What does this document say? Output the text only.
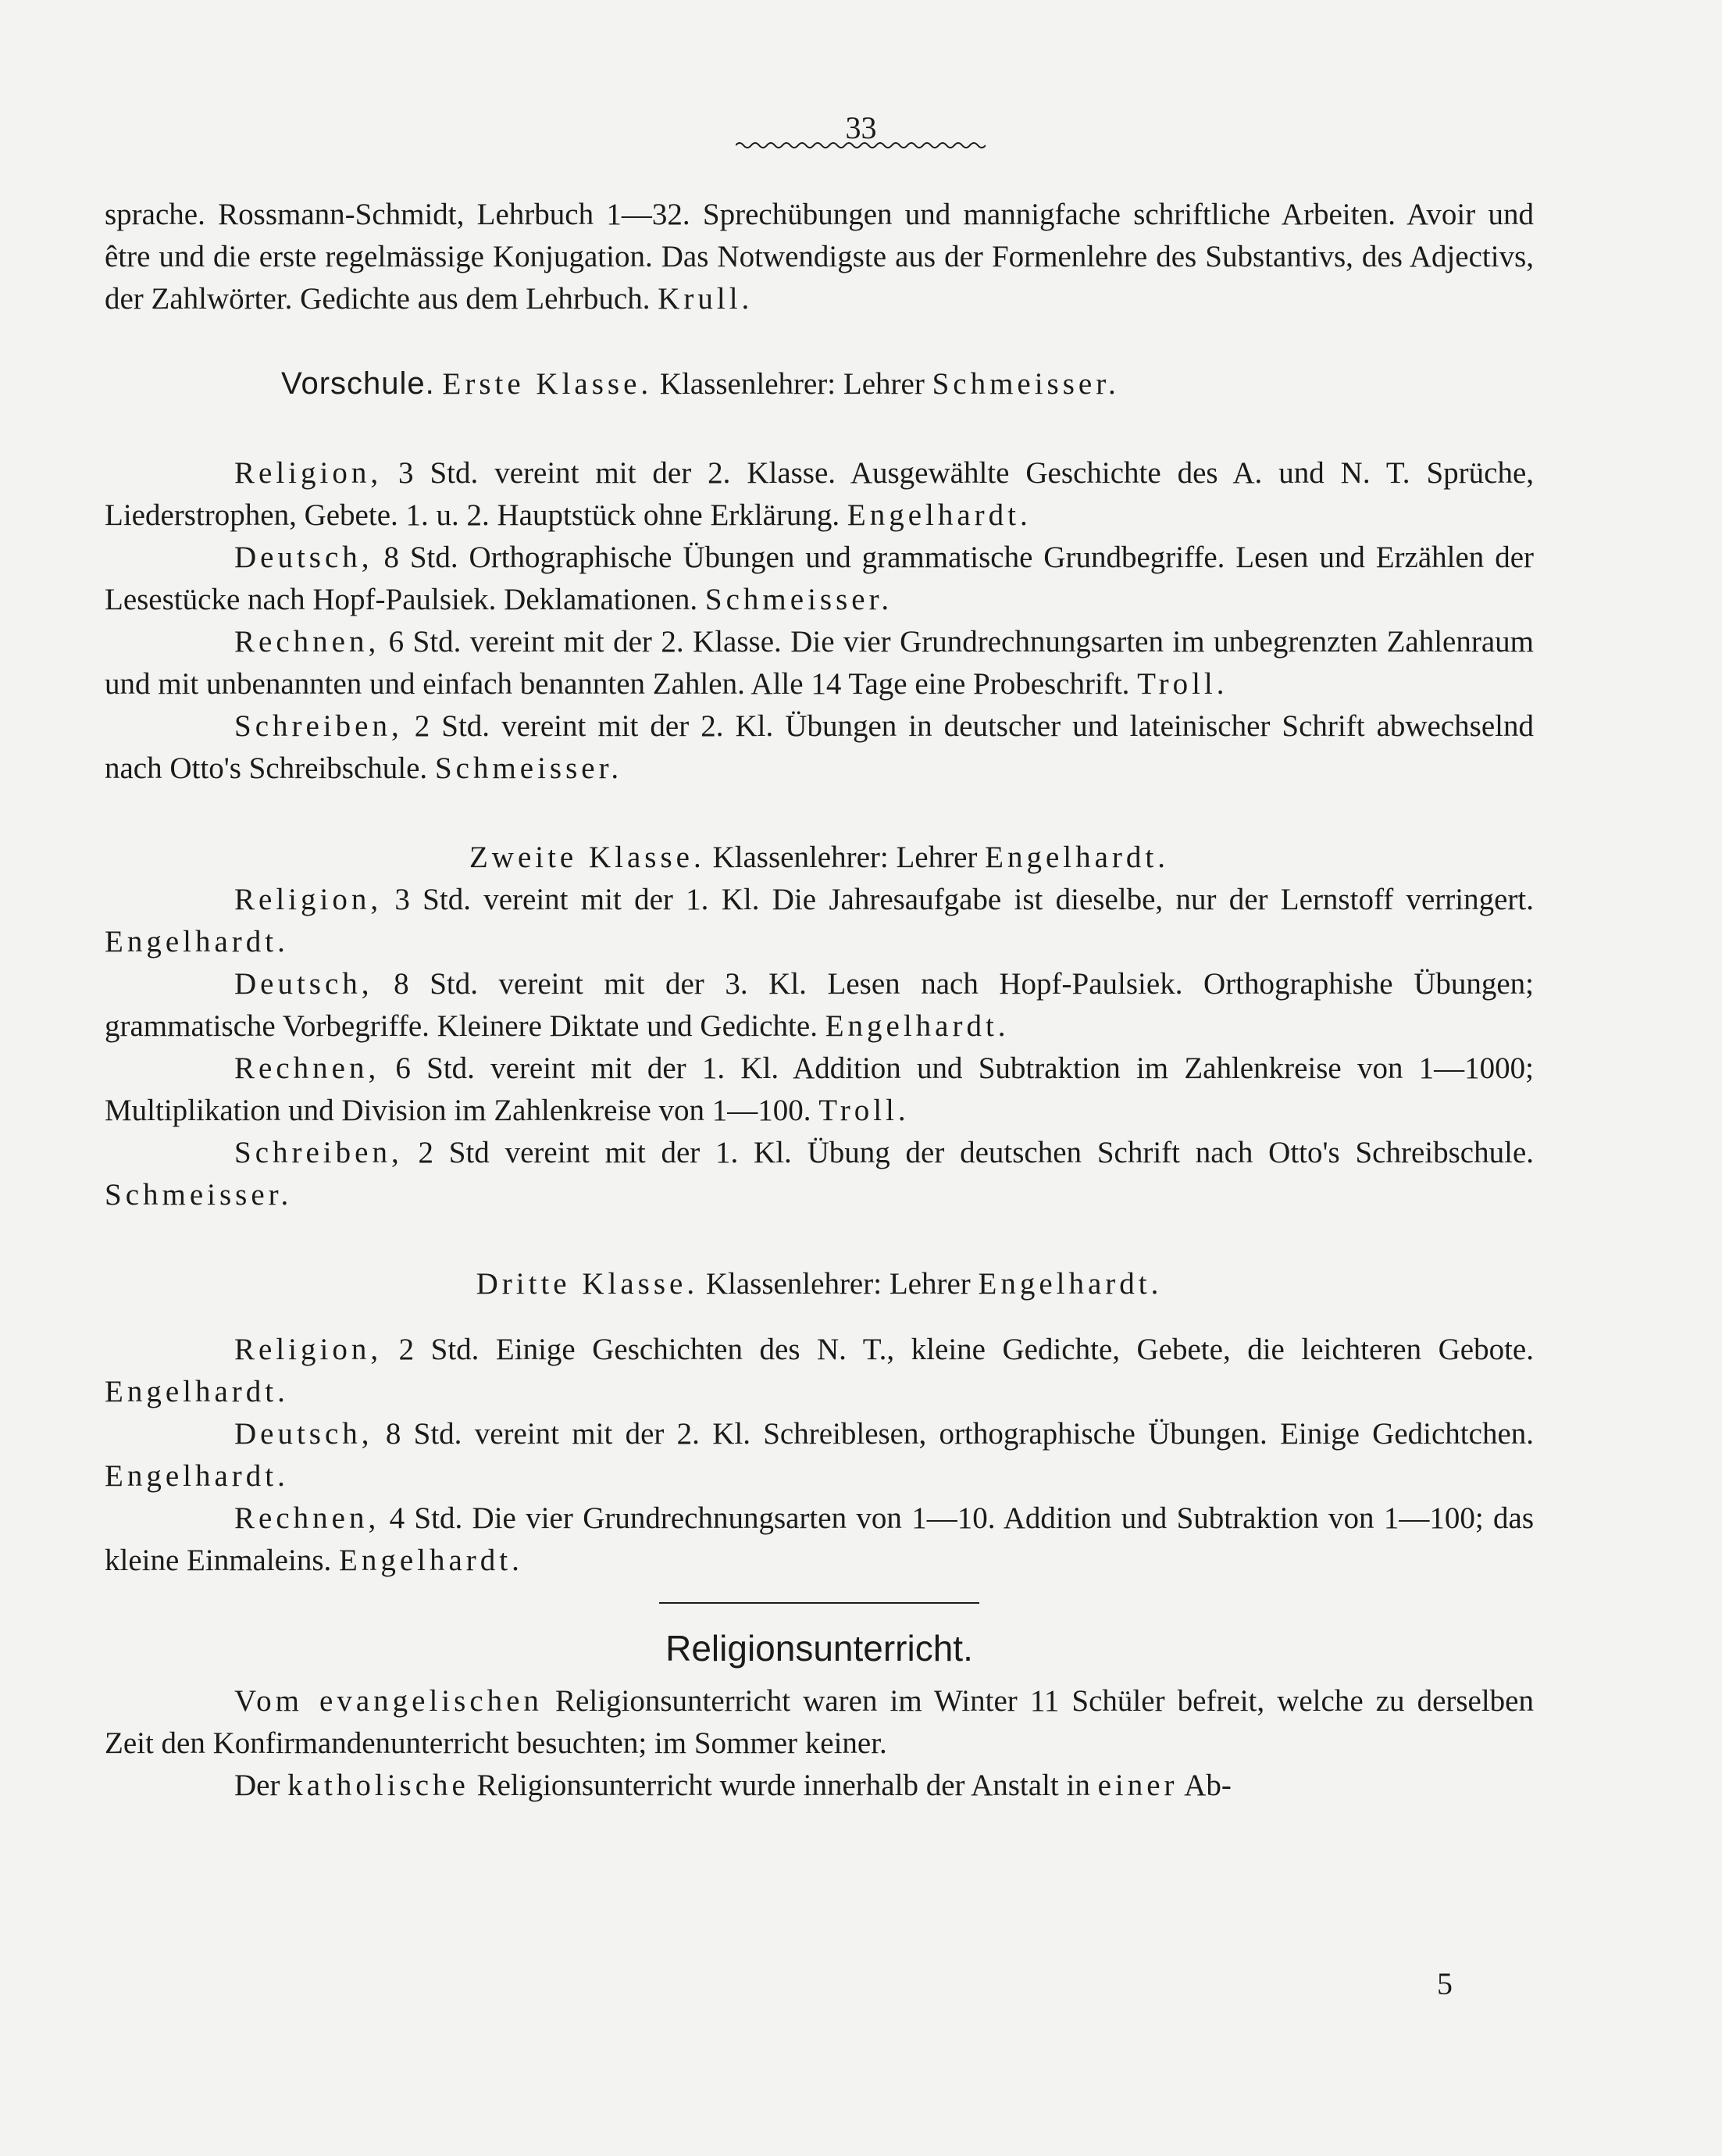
33

sprache. Rossmann-Schmidt, Lehrbuch 1—32. Sprechübungen und mannigfache schriftliche Arbeiten. Avoir und être und die erste regelmässige Konjugation. Das Notwendigste aus der Formenlehre des Substantivs, des Adjectivs, der Zahlwörter. Gedichte aus dem Lehrbuch. Krull.

Vorschule. Erste Klasse. Klassenlehrer: Lehrer Schmeisser.

Religion, 3 Std. vereint mit der 2. Klasse. Ausgewählte Geschichte des A. und N. T. Sprüche, Liederstrophen, Gebete. 1. u. 2. Hauptstück ohne Erklärung. Engelhardt.

Deutsch, 8 Std. Orthographische Übungen und grammatische Grundbegriffe. Lesen und Erzählen der Lesestücke nach Hopf-Paulsiek. Deklamationen. Schmeisser.

Rechnen, 6 Std. vereint mit der 2. Klasse. Die vier Grundrechnungsarten im unbegrenzten Zahlenraum und mit unbenannten und einfach benannten Zahlen. Alle 14 Tage eine Probeschrift. Troll.

Schreiben, 2 Std. vereint mit der 2. Kl. Übungen in deutscher und lateinischer Schrift abwechselnd nach Otto's Schreibschule. Schmeisser.

Zweite Klasse. Klassenlehrer: Lehrer Engelhardt.

Religion, 3 Std. vereint mit der 1. Kl. Die Jahresaufgabe ist dieselbe, nur der Lernstoff verringert. Engelhardt.

Deutsch, 8 Std. vereint mit der 3. Kl. Lesen nach Hopf-Paulsiek. Orthographishe Übungen; grammatische Vorbegriffe. Kleinere Diktate und Gedichte. Engelhardt.

Rechnen, 6 Std. vereint mit der 1. Kl. Addition und Subtraktion im Zahlenkreise von 1—1000; Multiplikation und Division im Zahlenkreise von 1—100. Troll.

Schreiben, 2 Std vereint mit der 1. Kl. Übung der deutschen Schrift nach Otto's Schreibschule. Schmeisser.

Dritte Klasse. Klassenlehrer: Lehrer Engelhardt.

Religion, 2 Std. Einige Geschichten des N. T., kleine Gedichte, Gebete, die leichteren Gebote. Engelhardt.

Deutsch, 8 Std. vereint mit der 2. Kl. Schreiblesen, orthographische Übungen. Einige Gedichtchen. Engelhardt.

Rechnen, 4 Std. Die vier Grundrechnungsarten von 1—10. Addition und Subtraktion von 1—100; das kleine Einmaleins. Engelhardt.

Religionsunterricht.

Vom evangelischen Religionsunterricht waren im Winter 11 Schüler befreit, welche zu derselben Zeit den Konfirmandenunterricht besuchten; im Sommer keiner.

Der katholische Religionsunterricht wurde innerhalb der Anstalt in einer Ab-

5
